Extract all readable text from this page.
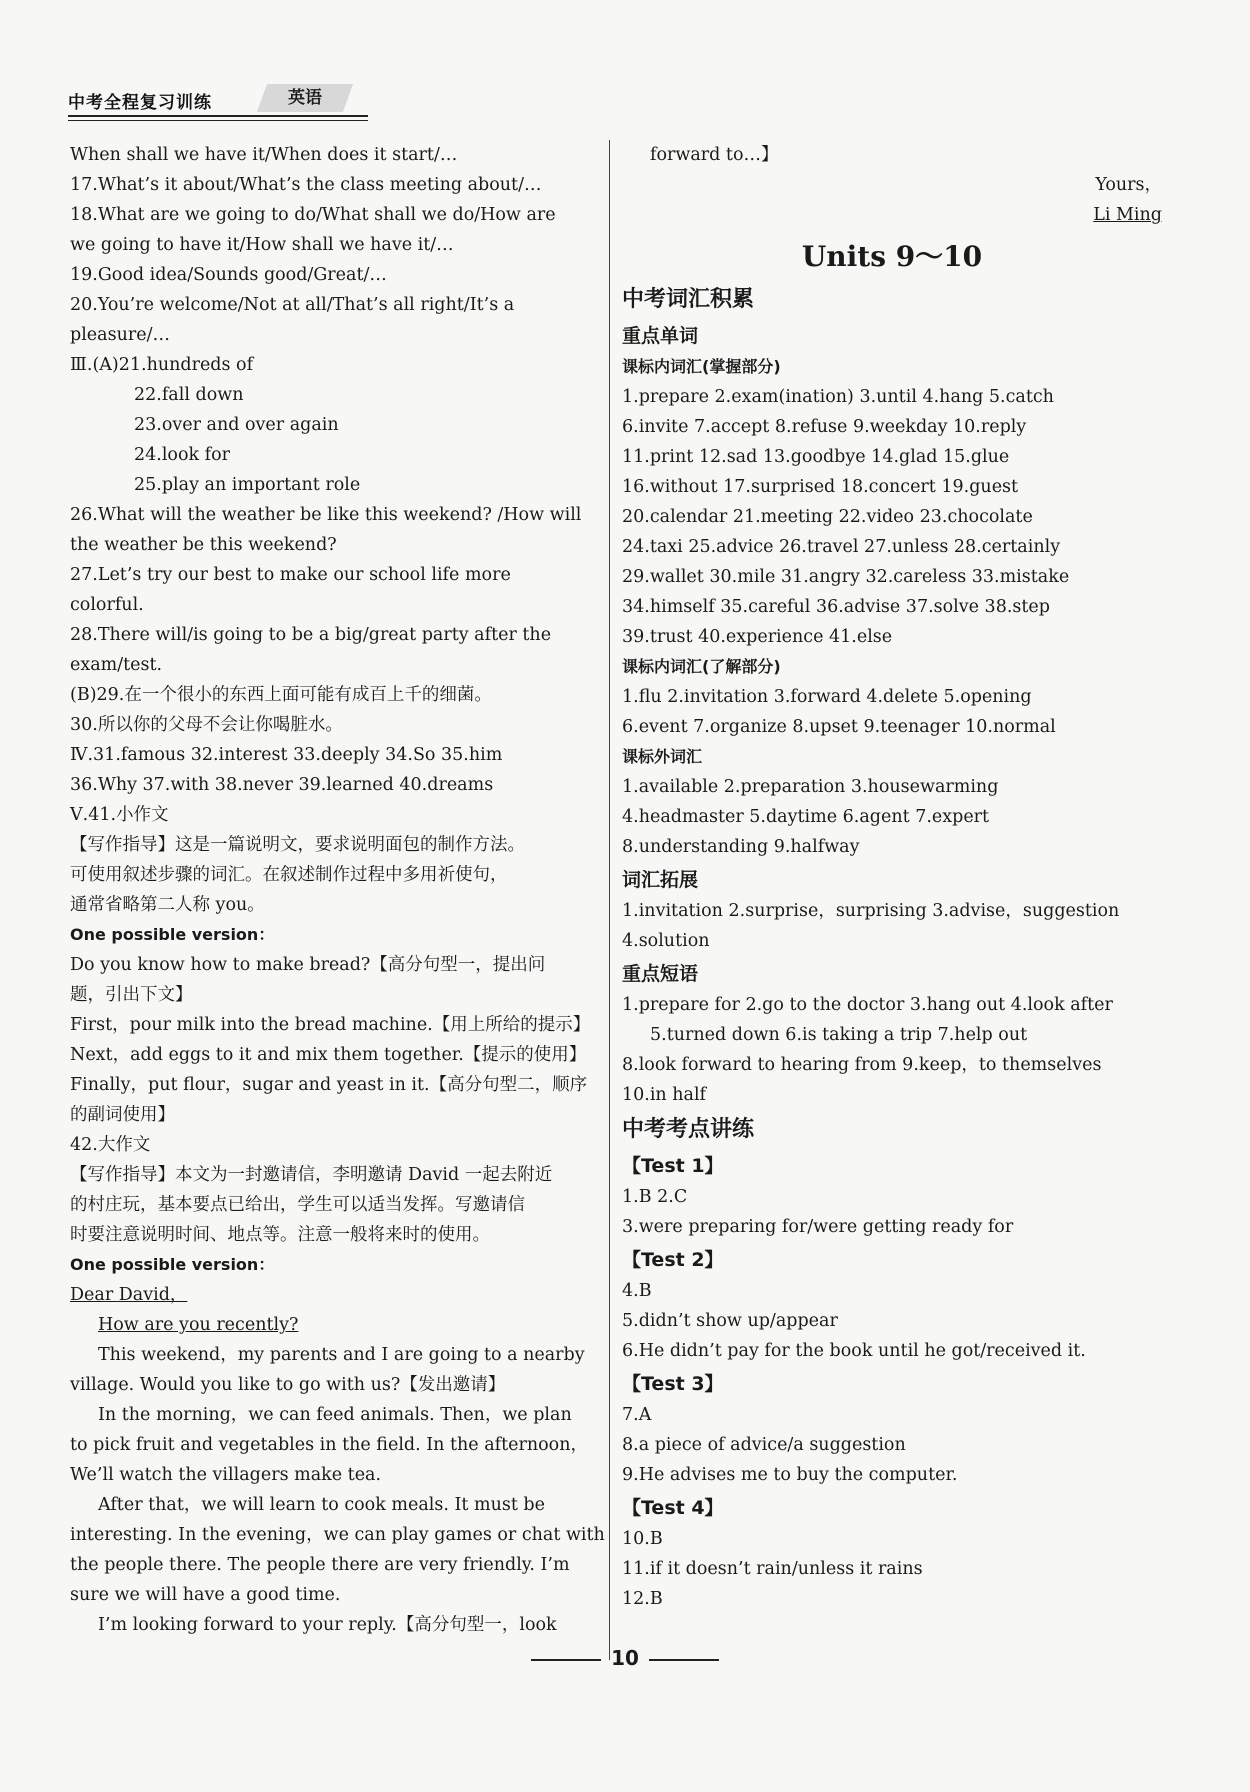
中考全程复习训练	英语

When shall we have it/When does it start/…

17.What’s it about/What’s the class meeting about/…

18.What are we going to do/What shall we do/How are

we going to have it/How shall we have it/…

19.Good idea/Sounds good/Great/…

20.You’re welcome/Not at all/That’s all right/It’s a

pleasure/…

Ⅲ.(A)21.hundreds of

22.fall down

23.over and over again

24.look for

25.play an important role

26.What will the weather be like this weekend? /How will

the weather be this weekend?

27.Let’s try our best to make our school life more

colorful.

28.There will/is going to be a big/great party after the

exam/test.

(B)29.在一个很小的东西上面可能有成百上千的细菌。

30.所以你的父母不会让你喝脏水。

Ⅳ.31.famous 32.interest 33.deeply 34.So 35.him

36.Why 37.with 38.never 39.learned 40.dreams

Ⅴ.41.小作文

【写作指导】这是一篇说明文，要求说明面包的制作方法。

可使用叙述步骤的词汇。在叙述制作过程中多用祈使句，

通常省略第二人称 you。

One possible version：

Do you know how to make bread?【高分句型一，提出问

题，引出下文】

First，pour milk into the bread machine.【用上所给的提示】

Next，add eggs to it and mix them together.【提示的使用】

Finally，put flour，sugar and yeast in it.【高分句型二，顺序

的副词使用】

42.大作文

【写作指导】本文为一封邀请信，李明邀请 David 一起去附近

的村庄玩，基本要点已给出，学生可以适当发挥。写邀请信

时要注意说明时间、地点等。注意一般将来时的使用。

One possible version：

Dear David，

How are you recently?

This weekend，my parents and I are going to a nearby

village. Would you like to go with us?【发出邀请】

In the morning，we can feed animals. Then，we plan

to pick fruit and vegetables in the field. In the afternoon，

We’ll watch the villagers make tea.

After that，we will learn to cook meals. It must be

interesting. In the evening，we can play games or chat with

the people there. The people there are very friendly. I’m

sure we will have a good time.

I’m looking forward to your reply.【高分句型一，look

forward to…】

Yours，

Li Ming

Units 9～10

中考词汇积累

重点单词

课标内词汇(掌握部分)

1.prepare 2.exam(ination) 3.until 4.hang 5.catch

6.invite 7.accept 8.refuse 9.weekday 10.reply

11.print 12.sad 13.goodbye 14.glad 15.glue

16.without 17.surprised 18.concert 19.guest

20.calendar 21.meeting 22.video 23.chocolate

24.taxi 25.advice 26.travel 27.unless 28.certainly

29.wallet 30.mile 31.angry 32.careless 33.mistake

34.himself 35.careful 36.advise 37.solve 38.step

39.trust 40.experience 41.else

课标内词汇(了解部分)

1.flu 2.invitation 3.forward 4.delete 5.opening

6.event 7.organize 8.upset 9.teenager 10.normal

课标外词汇

1.available 2.preparation 3.housewarming

4.headmaster 5.daytime 6.agent 7.expert

8.understanding 9.halfway

词汇拓展

1.invitation 2.surprise，surprising 3.advise，suggestion

4.solution

重点短语

1.prepare for 2.go to the doctor 3.hang out 4.look after

5.turned down 6.is taking a trip 7.help out

8.look forward to hearing from 9.keep，to themselves

10.in half

中考考点讲练

【Test 1】

1.B 2.C

3.were preparing for/were getting ready for

【Test 2】

4.B

5.didn’t show up/appear

6.He didn’t pay for the book until he got/received it.

【Test 3】

7.A

8.a piece of advice/a suggestion

9.He advises me to buy the computer.

【Test 4】

10.B

11.if it doesn’t rain/unless it rains

12.B

10
